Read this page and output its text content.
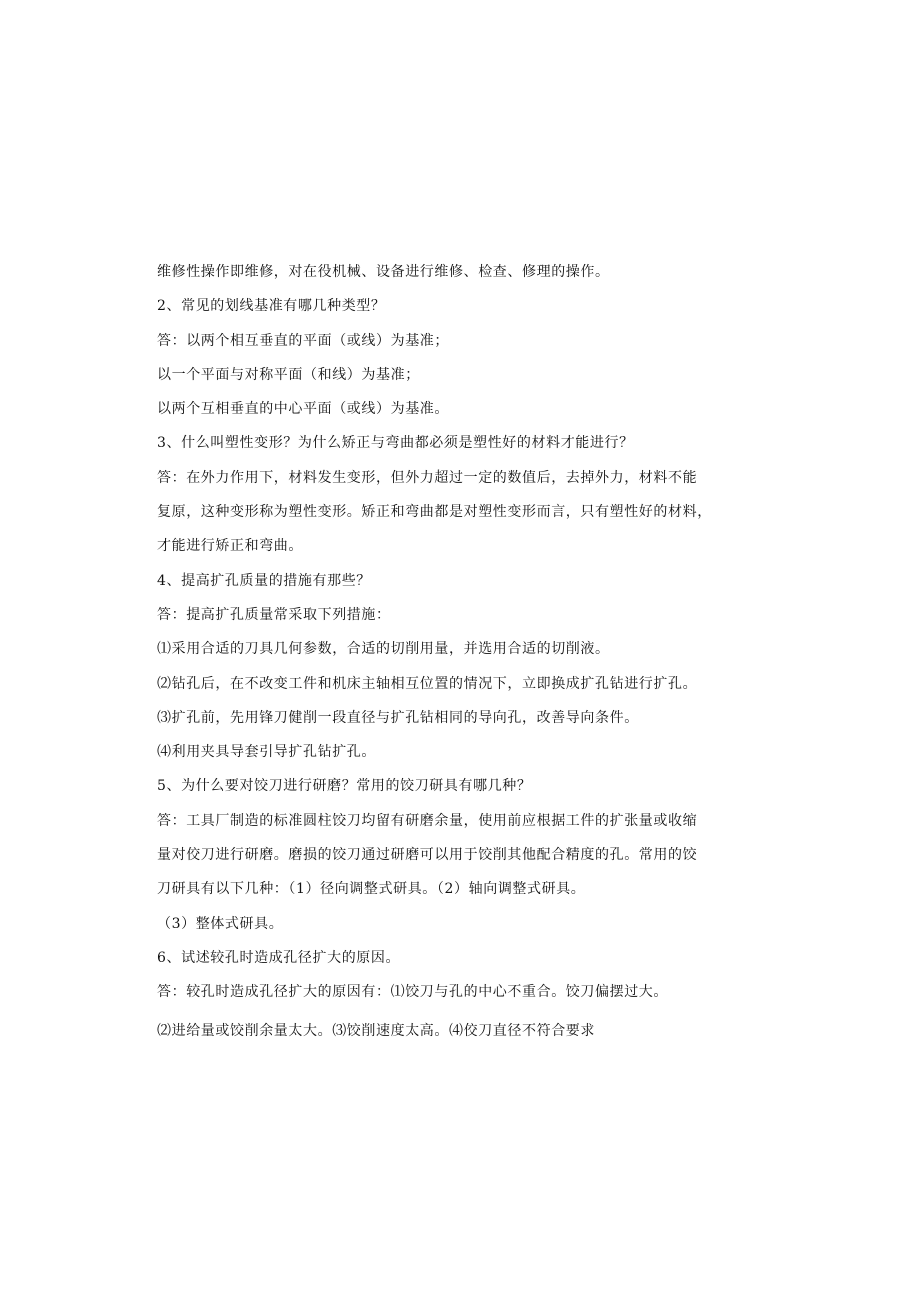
维修性操作即维修，对在役机械、设备进行维修、检查、修理的操作。
2、常见的划线基准有哪几种类型？
答：以两个相互垂直的平面（或线）为基准；
以一个平面与对称平面（和线）为基准；
以两个互相垂直的中心平面（或线）为基准。
3、什么叫塑性变形？为什么矫正与弯曲都必须是塑性好的材料才能进行？
答：在外力作用下，材料发生变形，但外力超过一定的数值后，去掉外力，材料不能
复原，这种变形称为塑性变形。矫正和弯曲都是对塑性变形而言，只有塑性好的材料，
才能进行矫正和弯曲。
4、提高扩孔质量的措施有那些？
答：提高扩孔质量常采取下列措施：
⑴采用合适的刀具几何参数，合适的切削用量，并选用合适的切削液。
⑵钻孔后，在不改变工件和机床主轴相互位置的情况下，立即换成扩孔钻进行扩孔。
⑶扩孔前，先用锋刀健削一段直径与扩孔钻相同的导向孔，改善导向条件。
⑷利用夹具导套引导扩孔钻扩孔。
5、为什么要对饺刀进行研磨？常用的饺刀研具有哪几种？
答：工具厂制造的标准圆柱饺刀均留有研磨余量，使用前应根据工件的扩张量或收缩
量对佼刀进行研磨。磨损的饺刀通过研磨可以用于饺削其他配合精度的孔。常用的饺
刀研具有以下几种：（1）径向调整式研具。（2）轴向调整式研具。
（3）整体式研具。
6、试述较孔时造成孔径扩大的原因。
答：较孔时造成孔径扩大的原因有：⑴饺刀与孔的中心不重合。饺刀偏摆过大。
⑵进给量或饺削余量太大。⑶饺削速度太高。⑷佼刀直径不符合要求
